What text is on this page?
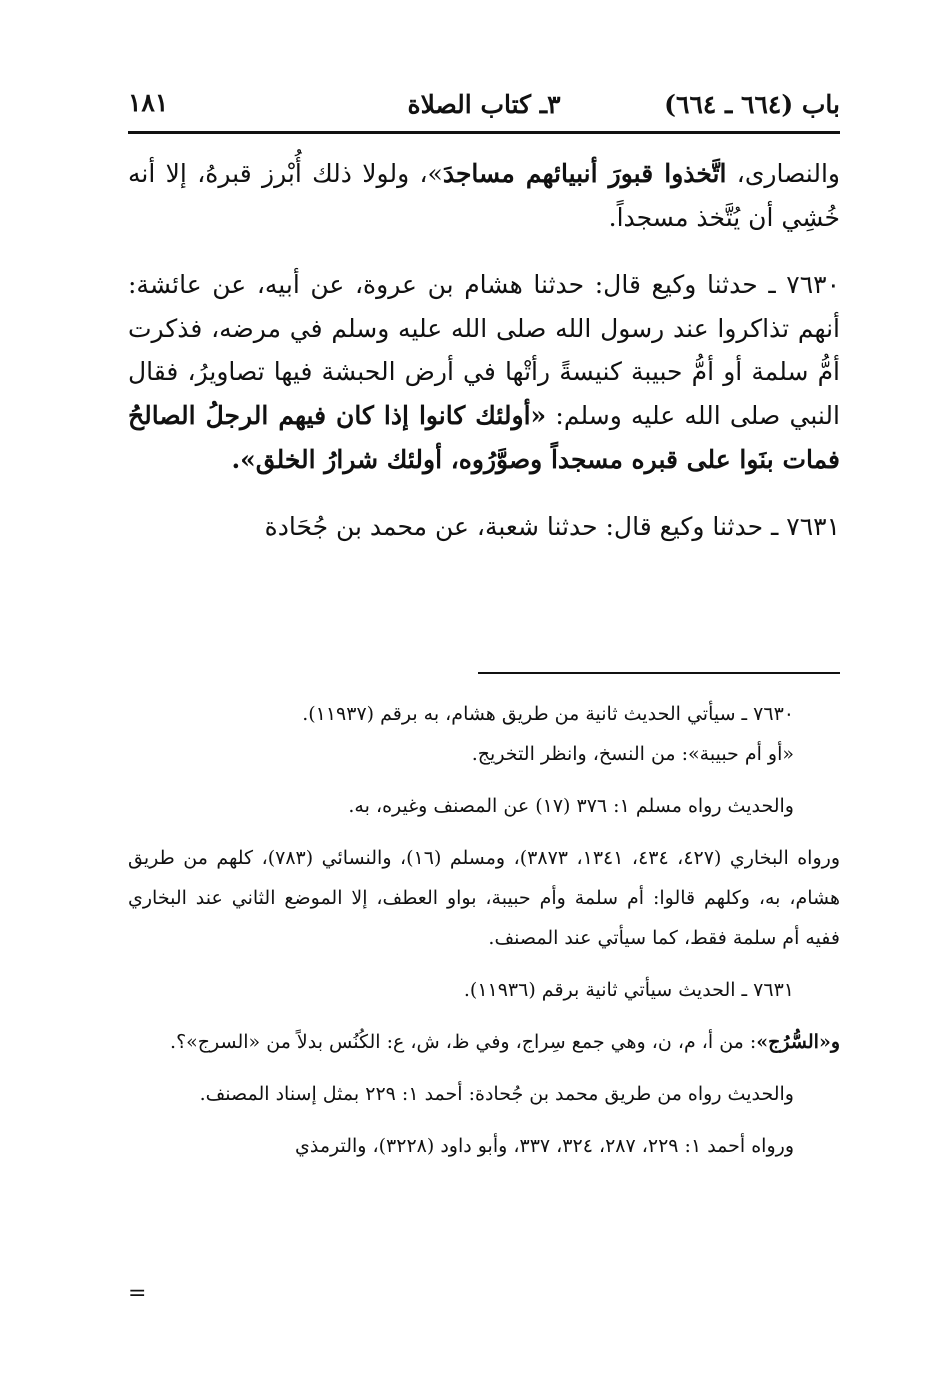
باب (٦٦٤ ـ ٦٦٤)
٣ـ كتاب الصلاة
١٨١

والنصارى، اتَّخذوا قبورَ أنبيائهم مساجدَ»، ولولا ذلك أُبْرز قبرهُ، إلا أنه خُشِي أن يُتَّخذ مسجداً.

٧٦٣٠ ـ حدثنا وكيع قال: حدثنا هشام بن عروة، عن أبيه، عن عائشة: أنهم تذاكروا عند رسول الله صلى الله عليه وسلم في مرضه، فذكرت أمُّ سلمة أو أمُّ حبيبة كنيسةً رأتْها في أرض الحبشة فيها تصاويرُ، فقال النبي صلى الله عليه وسلم: «أولئك كانوا إذا كان فيهم الرجلُ الصالحُ فمات بنَوا على قبره مسجداً وصوَّرُوه، أولئك شرارُ الخلق».

٧٦٣١ ـ حدثنا وكيع قال: حدثنا شعبة، عن محمد بن جُحَادة

٧٦٣٠ ـ سيأتي الحديث ثانية من طريق هشام، به برقم (١١٩٣٧).

«أو أم حبيبة»: من النسخ، وانظر التخريج.

والحديث رواه مسلم ١: ٣٧٦ (١٧) عن المصنف وغيره، به.

ورواه البخاري (٤٢٧، ٤٣٤، ١٣٤١، ٣٨٧٣)، ومسلم (١٦)، والنسائي (٧٨٣)، كلهم من طريق هشام، به، وكلهم قالوا: أم سلمة وأم حبيبة، بواو العطف، إلا الموضع الثاني عند البخاري ففيه أم سلمة فقط، كما سيأتي عند المصنف.

٧٦٣١ ـ الحديث سيأتي ثانية برقم (١١٩٣٦).

و«السُّرُج»: من أ، م، ن، وهي جمع سِراج، وفي ظ، ش، ع: الكُنُس بدلاً من «السرج»؟.

والحديث رواه من طريق محمد بن جُحادة: أحمد ١: ٢٢٩ بمثل إسناد المصنف.

ورواه أحمد ١: ٢٢٩، ٢٨٧، ٣٢٤، ٣٣٧، وأبو داود (٣٢٢٨)، والترمذي

=
